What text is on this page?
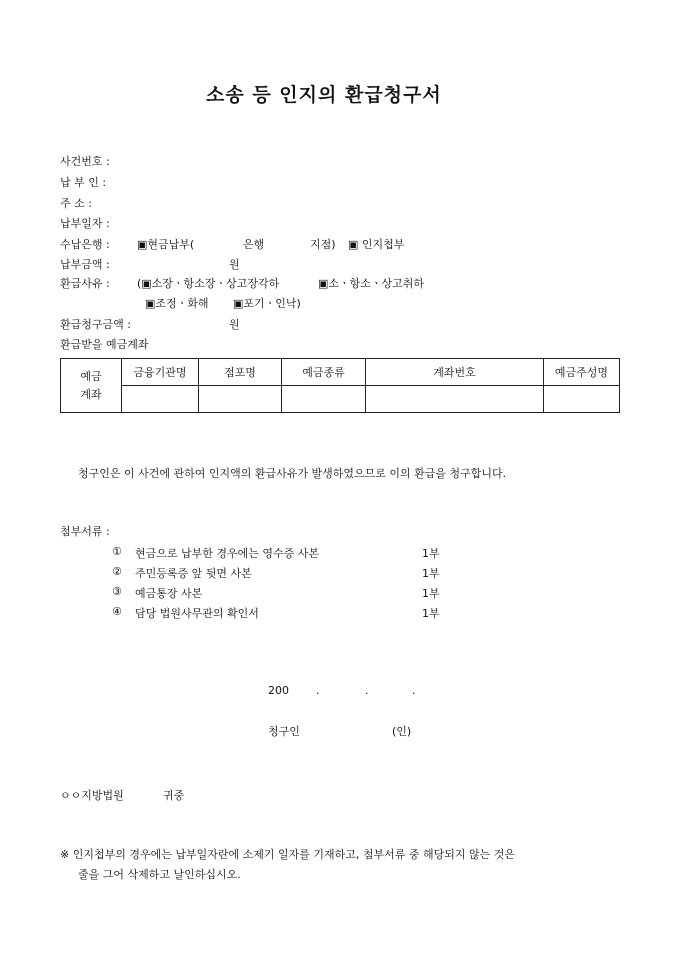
소송 등 인지의 환급청구서
사건번호 :
납 부 인 :
주 소 :
납부일자 :
수납은행 : ▣현금납부(	은행	지점) ▣ 인지첩부
납부금액 :	원
환급사유 : (▣소장ㆍ항소장ㆍ상고장각하	▣소ㆍ항소ㆍ상고취하
▣조정ㆍ화해 ▣포기ㆍ인낙)
환급청구금액 :	원
환급받을 예금계좌
예금
계좌	금융기관명	점포명	예금종류	계좌번호	예금주성명

청구인은 이 사건에 관하여 인지액의 환급사유가 발생하였으므로 이의 환급을 청구합니다.
첨부서류 :
① 현금으로 납부한 경우에는 영수증 사본	1부
② 주민등록증 앞 뒷면 사본	1부
③ 예금통장 사본	1부
④ 담당 법원사무관의 확인서	1부
200 .	.	.
청구인	(인)
ㅇㅇ지방법원	귀중
※ 인지첩부의 경우에는 납부일자란에 소제기 일자를 기재하고, 첨부서류 중 해당되지 않는 것은
줄을 그어 삭제하고 날인하십시오.
